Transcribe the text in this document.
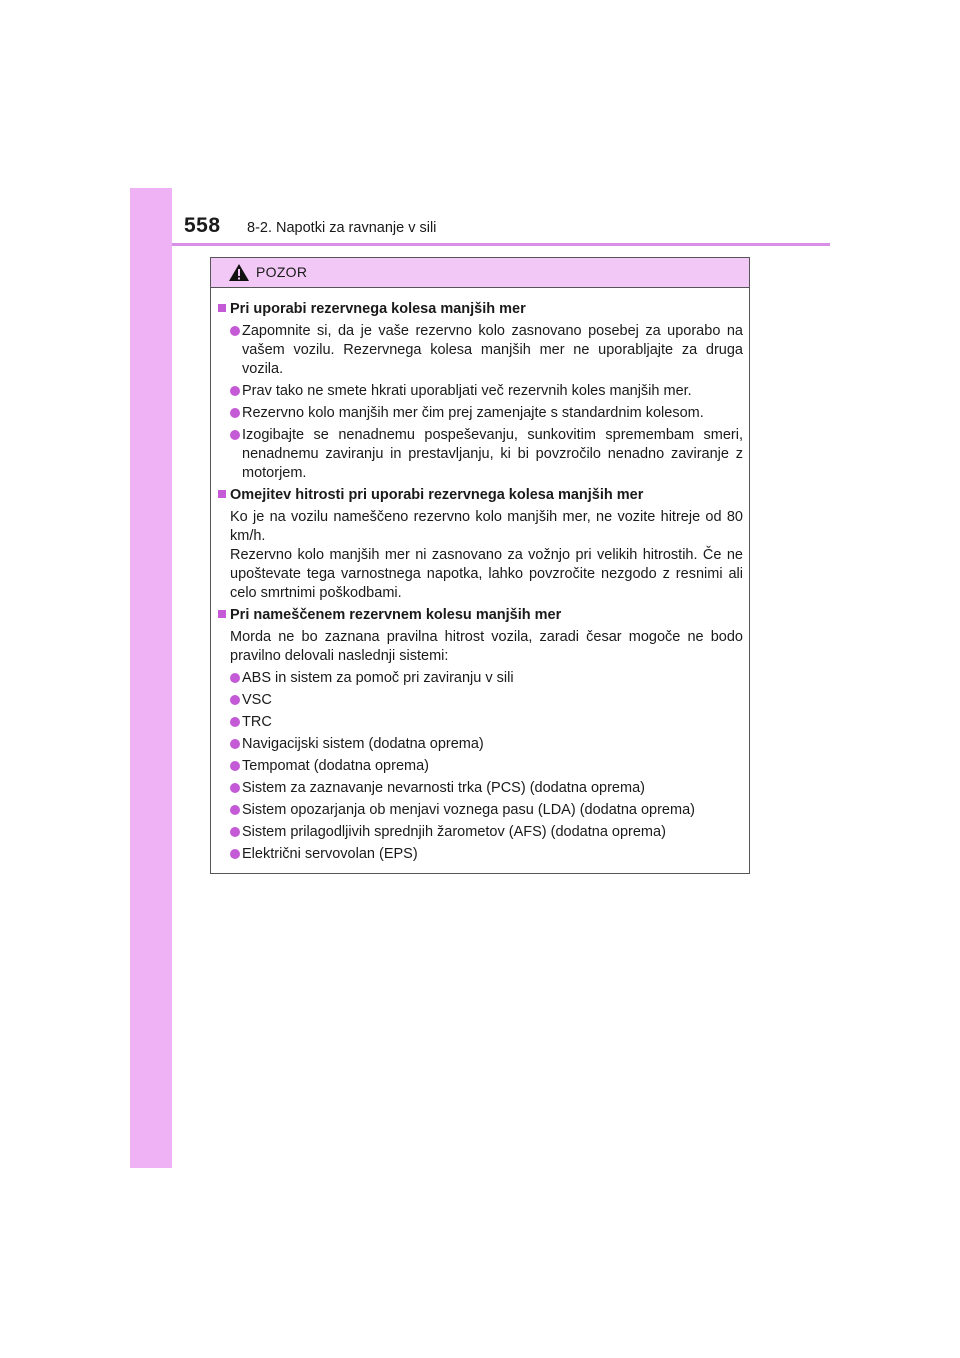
558 8-2. Napotki za ravnanje v sili
POZOR
Pri uporabi rezervnega kolesa manjših mer
Zapomnite si, da je vaše rezervno kolo zasnovano posebej za uporabo na vašem vozilu. Rezervnega kolesa manjših mer ne uporabljajte za druga vozila.
Prav tako ne smete hkrati uporabljati več rezervnih koles manjših mer.
Rezervno kolo manjših mer čim prej zamenjajte s standardnim kolesom.
Izogibajte se nenadnemu pospeševanju, sunkovitim spremembam smeri, nenadnemu zaviranju in prestavljanju, ki bi povzročilo nenadno zaviranje z motorjem.
Omejitev hitrosti pri uporabi rezervnega kolesa manjših mer
Ko je na vozilu nameščeno rezervno kolo manjših mer, ne vozite hitreje od 80 km/h.
Rezervno kolo manjših mer ni zasnovano za vožnjo pri velikih hitrostih. Če ne upoštevate tega varnostnega napotka, lahko povzročite nezgodo z resnimi ali celo smrtnimi poškodbami.
Pri nameščenem rezervnem kolesu manjših mer
Morda ne bo zaznana pravilna hitrost vozila, zaradi česar mogoče ne bodo pravilno delovali naslednji sistemi:
ABS in sistem za pomoč pri zaviranju v sili
VSC
TRC
Navigacijski sistem (dodatna oprema)
Tempomat (dodatna oprema)
Sistem za zaznavanje nevarnosti trka (PCS) (dodatna oprema)
Sistem opozarjanja ob menjavi voznega pasu (LDA) (dodatna oprema)
Sistem prilagodljivih sprednjih žarometov (AFS) (dodatna oprema)
Električni servovolan (EPS)
